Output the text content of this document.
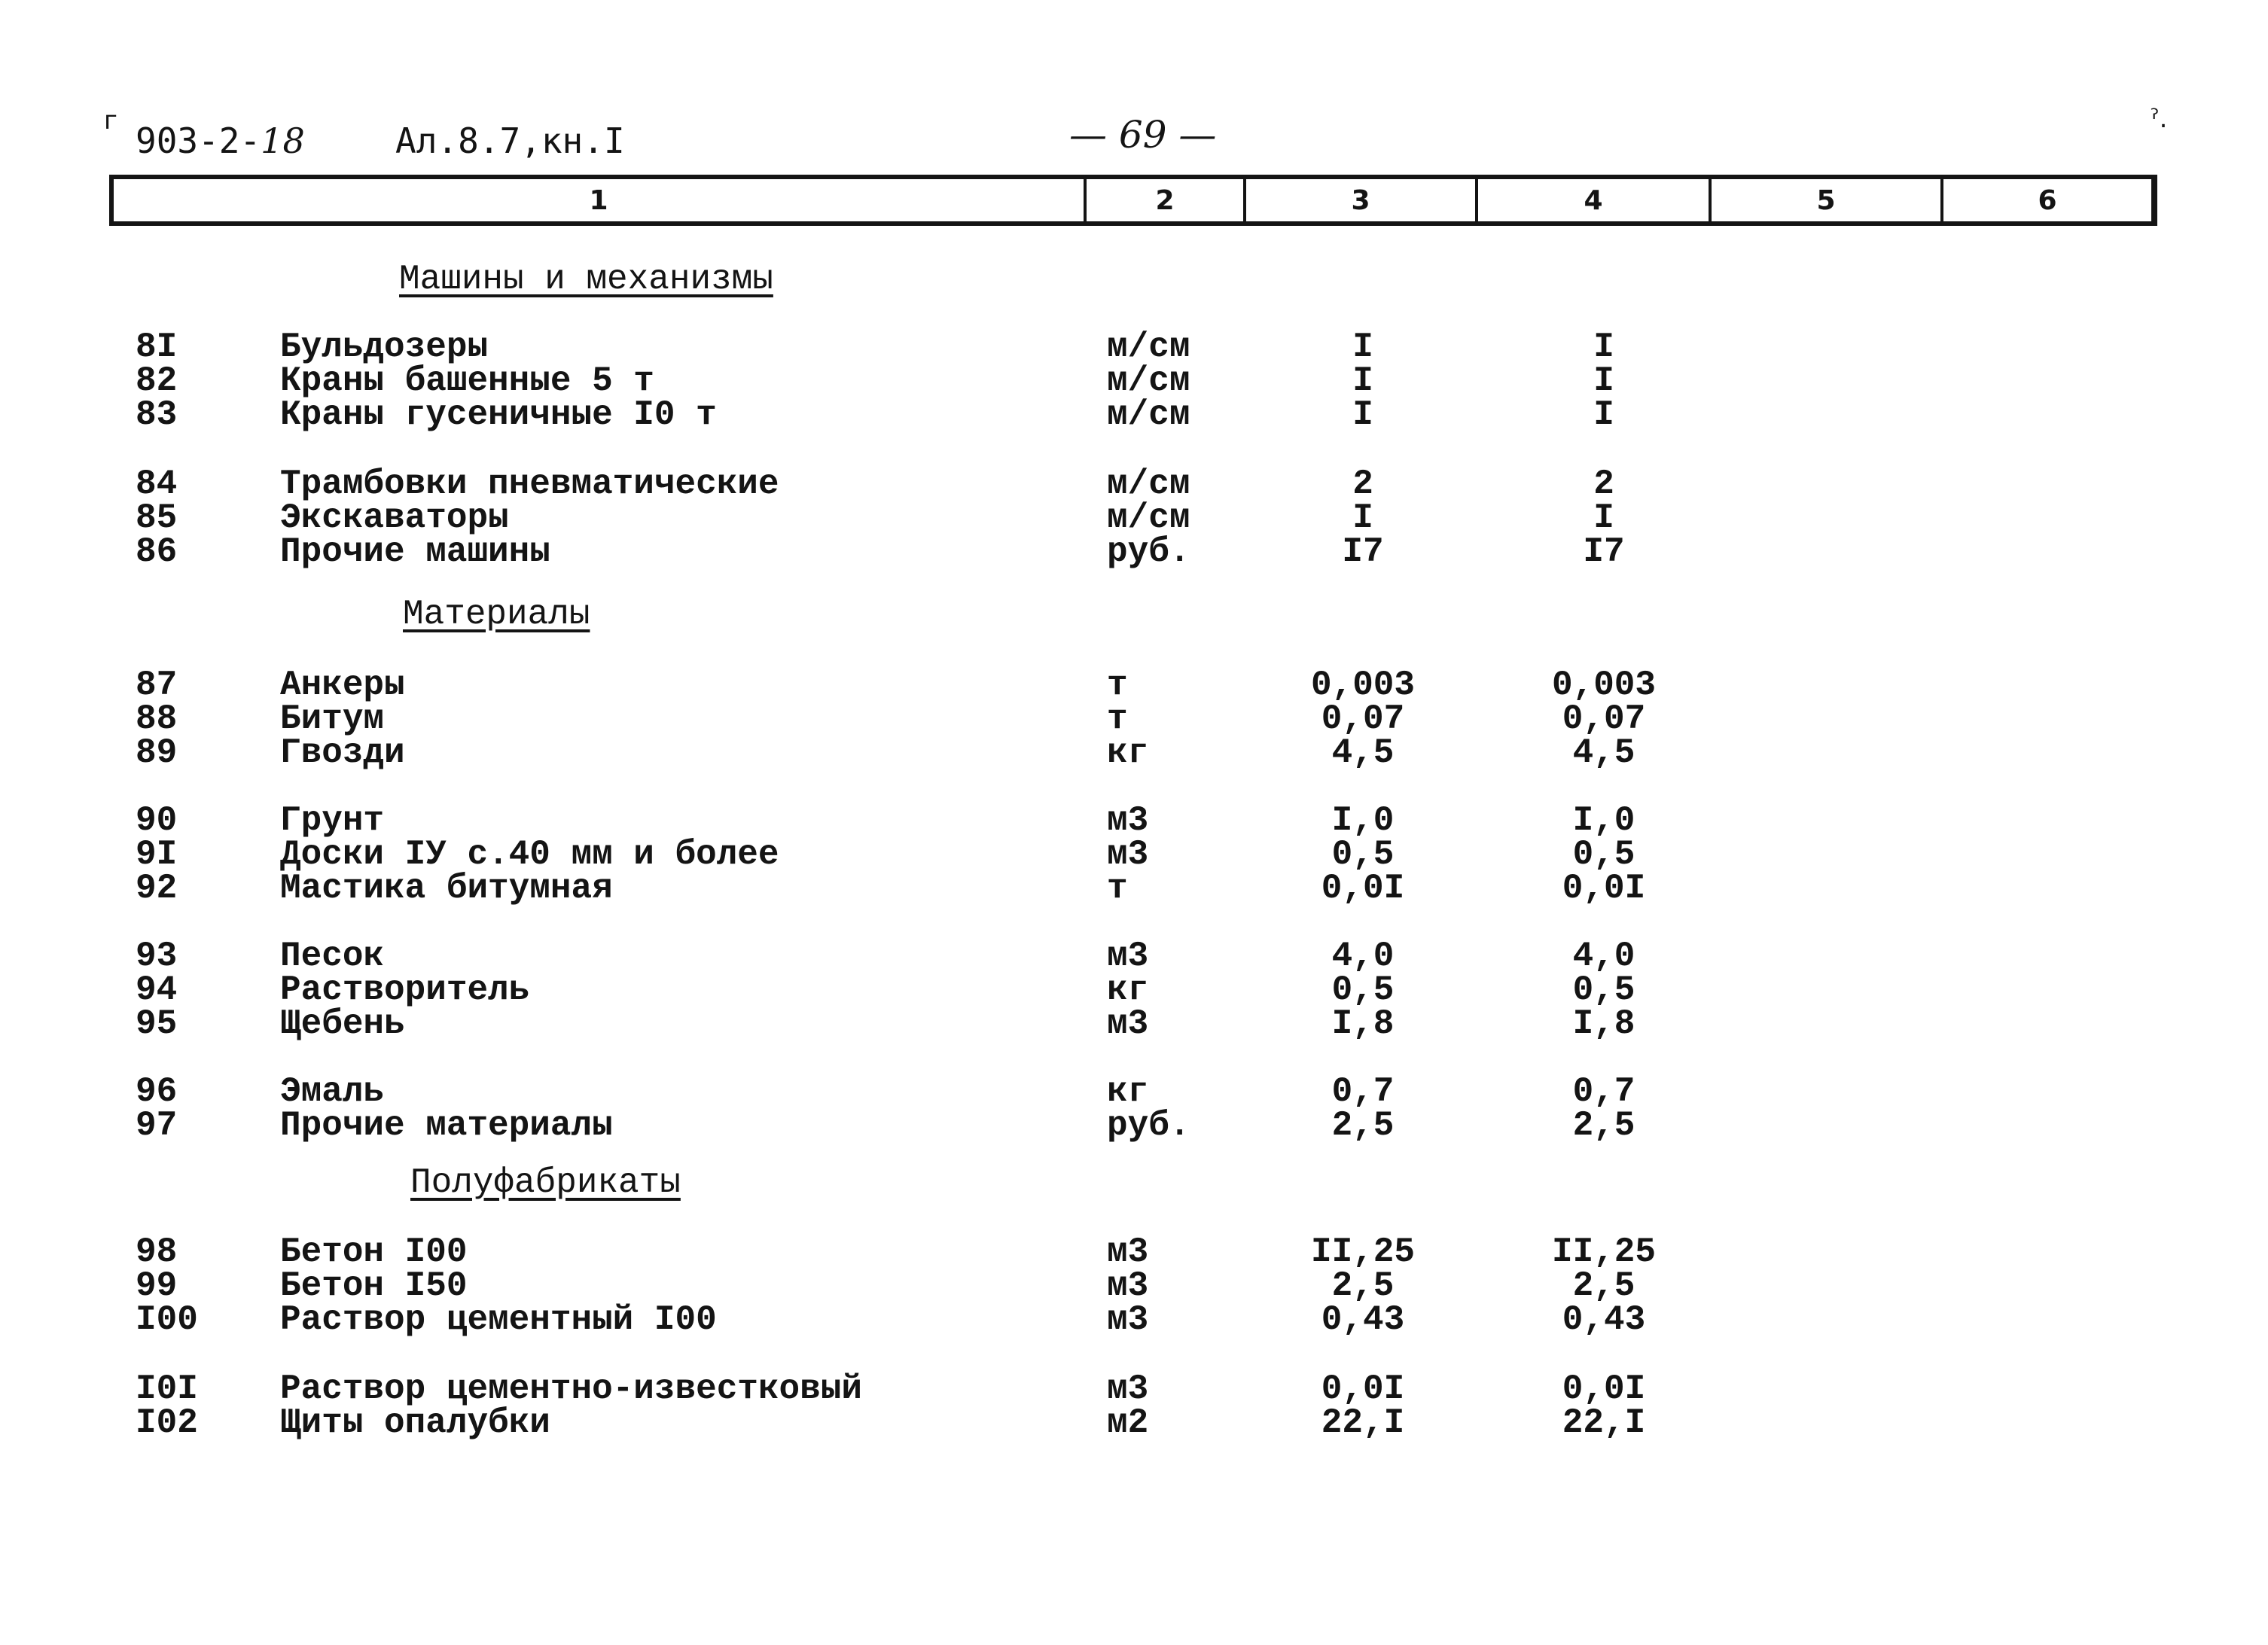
г	ˀ.
903-2-18	Ал.8.7,кн.I	— 69 —
1	2	3	4	5	6
Машины и механизмы
8I	Бульдозеры	м/см	I	I
82	Краны башенные 5 т	м/см	I	I
83	Краны гусеничные I0 т	м/см	I	I
84	Трамбовки пневматические	м/см	2	2
85	Экскаваторы	м/см	I	I
86	Прочие машины	руб.	I7	I7
Материалы
87	Анкеры	т	0,003	0,003
88	Битум	т	0,07	0,07
89	Гвозди	кг	4,5	4,5
90	Грунт	м3	I,0	I,0
9I	Доски IУ с.40 мм и более	м3	0,5	0,5
92	Мастика битумная	т	0,0I	0,0I
93	Песок	м3	4,0	4,0
94	Растворитель	кг	0,5	0,5
95	Щебень	м3	I,8	I,8
96	Эмаль	кг	0,7	0,7
97	Прочие материалы	руб.	2,5	2,5
Полуфабрикаты
98	Бетон I00	м3	II,25	II,25
99	Бетон I50	м3	2,5	2,5
I00 Раствор цементный I00	м3	0,43	0,43
I0I Раствор цементно-известковый	м3	0,0I	0,0I
I02 Щиты опалубки	м2	22,I	22,I
